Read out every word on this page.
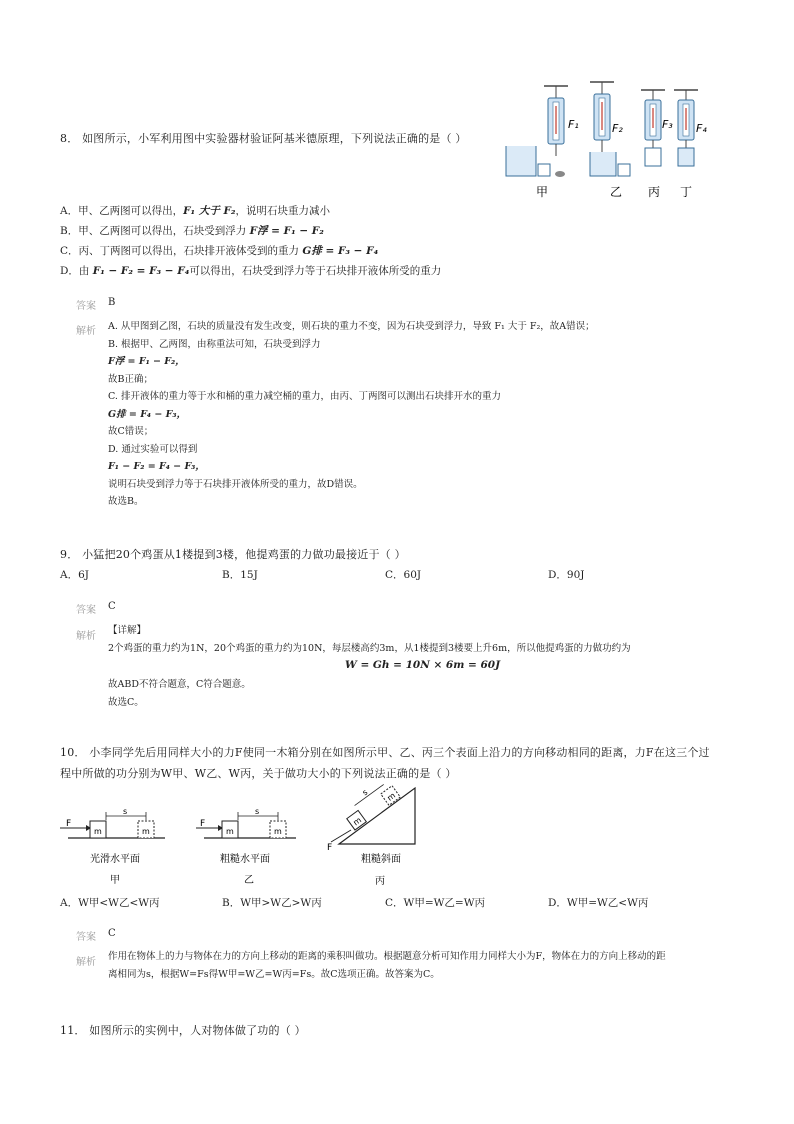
8． 如图所示，小军利用图中实验器材验证阿基米德原理，下列说法正确的是（ ）
F₁	F₂	F₃ F₄
甲	乙 丙 丁
A．甲、乙两图可以得出，F₁ 大于 F₂，说明石块重力减小
B．甲、乙两图可以得出，石块受到浮力 F浮 = F₁ − F₂
C．丙、丁两图可以得出，石块排开液体受到的重力 G排 = F₃ − F₄
D．由 F₁ − F₂ = F₃ − F₄可以得出，石块受到浮力等于石块排开液体所受的重力
答案 B
解析 A. 从甲图到乙图，石块的质量没有发生改变，则石块的重力不变，因为石块受到浮力，导致 F₁ 大于 F₂，故A错误；
B. 根据甲、乙两图，由称重法可知，石块受到浮力
F浮 = F₁ − F₂，
故B正确；
C. 排开液体的重力等于水和桶的重力减空桶的重力，由丙、丁两图可以测出石块排开水的重力
G排 = F₄ − F₃，
故C错误；
D. 通过实验可以得到
F₁ − F₂ = F₄ − F₃，
说明石块受到浮力等于石块排开液体所受的重力，故D错误。
故选B。
9． 小猛把20个鸡蛋从1楼提到3楼，他提鸡蛋的力做功最接近于（ ）
A．6J	B．15J	C．60J	D．90J
答案 C
解析
【详解】
2个鸡蛋的重力约为1N，20个鸡蛋的重力约为10N，每层楼高约3m，从1楼提到3楼要上升6m，所以他提鸡蛋的力做功约为
W = Gh = 10N × 6m = 60J
故ABD不符合题意，C符合题意。
故选C。
10． 小李同学先后用同样大小的力F使同一木箱分别在如图所示甲、乙、丙三个表面上沿力的方向移动相同的距离，力F在这三个过
程中所做的功分别为W甲、W乙、W丙，关于做功大小的下列说法正确的是（ ）
F
m	m
s
光滑水平面
甲
F
m	m
s
粗糙水平面
乙
m
m
s
F
粗糙斜面
丙
A．W甲<W乙<W丙	B．W甲>W乙>W丙	C．W甲=W乙=W丙	D．W甲=W乙<W丙
答案 C
解析
作用在物体上的力与物体在力的方向上移动的距离的乘积叫做功。根据题意分析可知作用力同样大小为F，物体在力的方向上移动的距
离相同为s，根据W=Fs得W甲=W乙=W丙=Fs。故C选项正确。故答案为C。
11． 如图所示的实例中，人对物体做了功的（ ）
